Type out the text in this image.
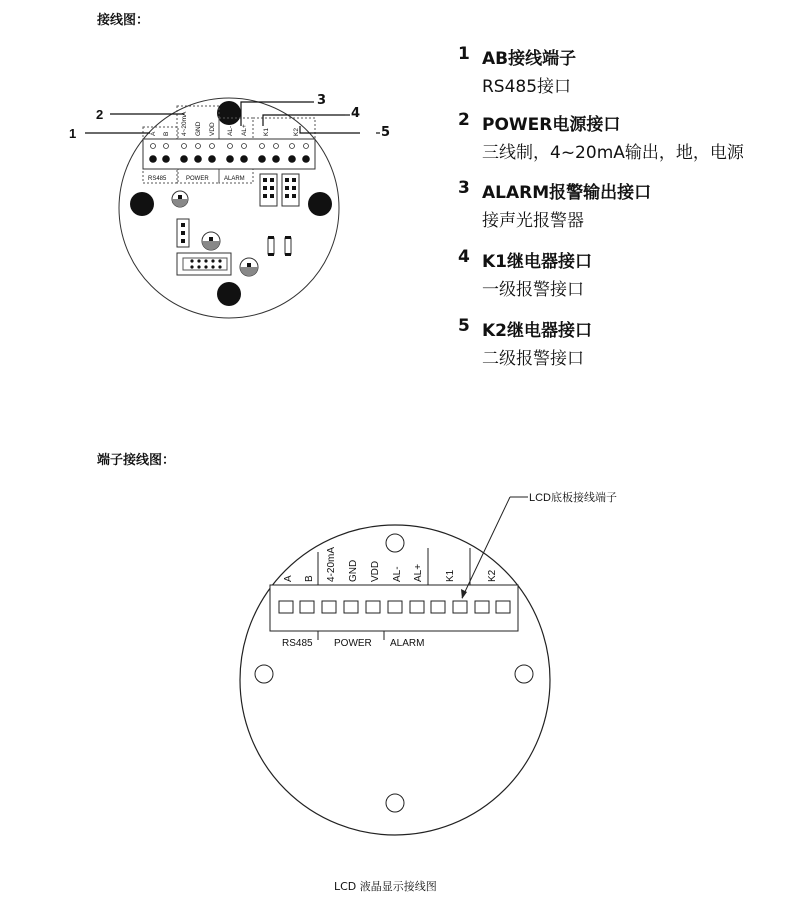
接线图：
A B 4~20mA GND VDD AL- AL+ K1	K2
RS485	POWER	ALARM
1
2
3
4
5
1 AB接线端子
RS485接口
2 POWER电源接口
三线制，4~20mA输出，地，电源
3 ALARM报警输出接口
接声光报警器
4 K1继电器接口
一级报警接口
5 K2继电器接口
二级报警接口
端子接线图：
A B 4-20mA GND VDD AL- AL+ K1	K2
RS485 POWER ALARM
LCD底板接线端子
LCD 液晶显示接线图
